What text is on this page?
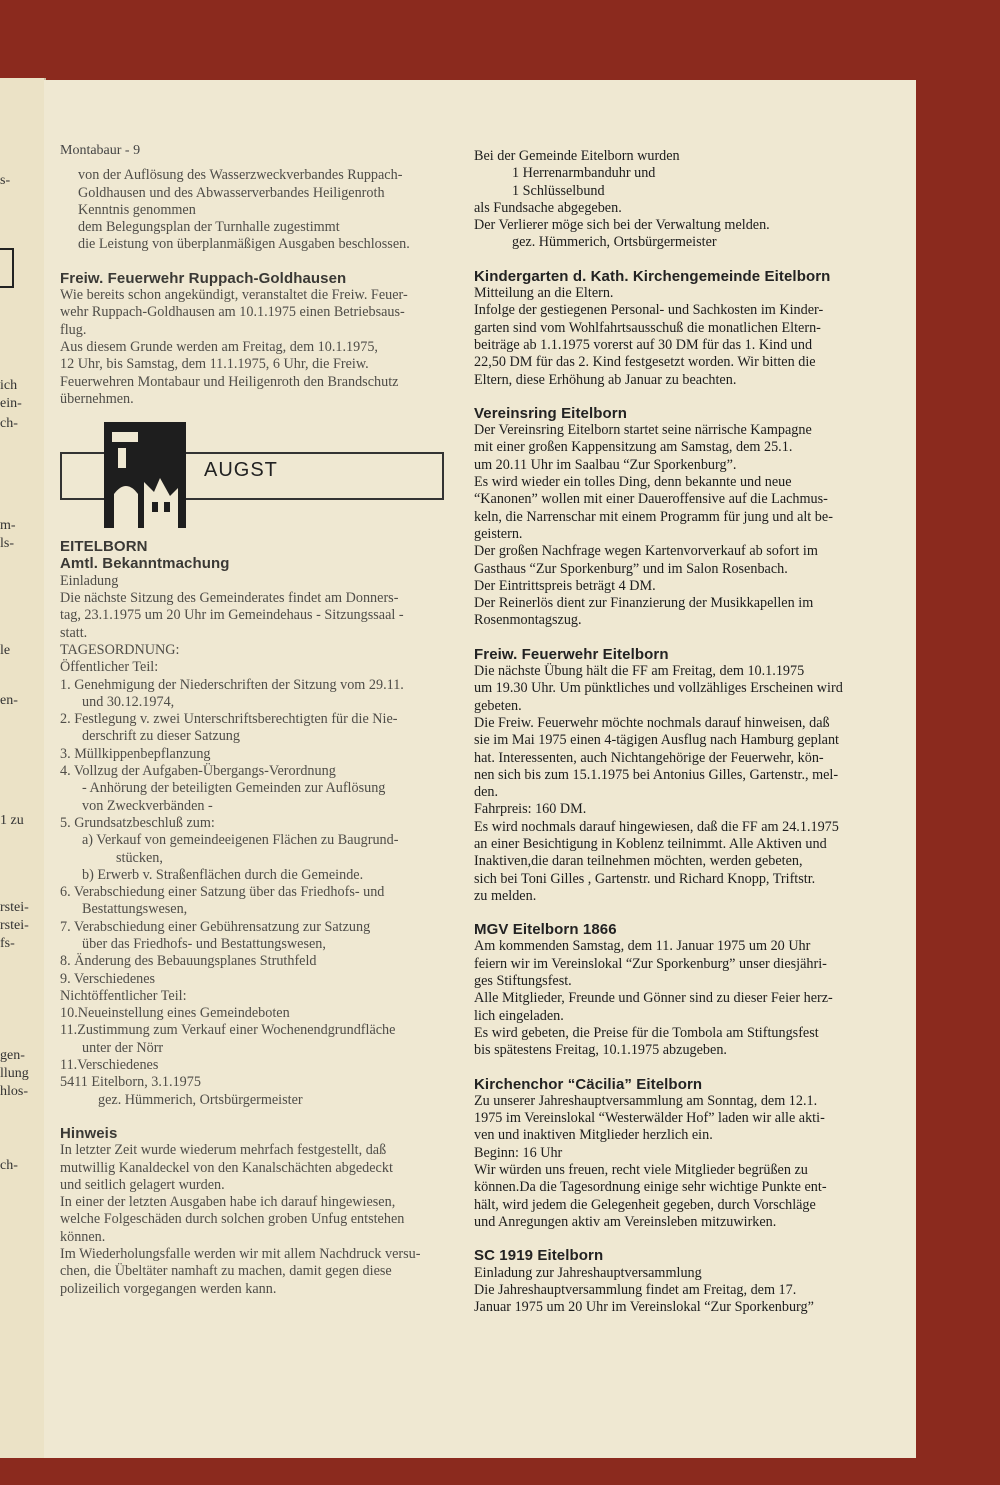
s-
ich
ein-
ch-
m-
ls-
le
en-
1 zu
rstei-
rstei-
fs-
gen-
llung
hlos-
ch-
Montabaur - 9
von der Auflösung des Wasserzweckverbandes Ruppach-
Goldhausen und des Abwasserverbandes Heiligenroth
Kenntnis genommen
dem Belegungsplan der Turnhalle zugestimmt
die Leistung von überplanmäßigen Ausgaben beschlossen.
Freiw. Feuerwehr Ruppach-Goldhausen
Wie bereits schon angekündigt, veranstaltet die Freiw. Feuer-
wehr Ruppach-Goldhausen am 10.1.1975 einen Betriebsaus-
flug.
Aus diesem Grunde werden am Freitag, dem 10.1.1975,
12 Uhr, bis Samstag, dem 11.1.1975, 6 Uhr, die Freiw.
Feuerwehren Montabaur und Heiligenroth den Brandschutz
übernehmen.
AUGST
EITELBORN
Amtl. Bekanntmachung
Einladung
Die nächste Sitzung des Gemeinderates findet am Donners-
tag, 23.1.1975 um 20 Uhr im Gemeindehaus - Sitzungssaal -
statt.
TAGESORDNUNG:
Öffentlicher Teil:
1. Genehmigung der Niederschriften der Sitzung vom 29.11.
und 30.12.1974,
2. Festlegung v. zwei Unterschriftsberechtigten für die Nie-
derschrift zu dieser Satzung
3. Müllkippenbepflanzung
4. Vollzug der Aufgaben-Übergangs-Verordnung
- Anhörung der beteiligten Gemeinden zur Auflösung
von Zweckverbänden -
5. Grundsatzbeschluß zum:
a) Verkauf von gemeindeeigenen Flächen zu Baugrund-
stücken,
b) Erwerb v. Straßenflächen durch die Gemeinde.
6. Verabschiedung einer Satzung über das Friedhofs- und
Bestattungswesen,
7. Verabschiedung einer Gebührensatzung zur Satzung
über das Friedhofs- und Bestattungswesen,
8. Änderung des Bebauungsplanes Struthfeld
9. Verschiedenes
Nichtöffentlicher Teil:
10.Neueinstellung eines Gemeindeboten
11.Zustimmung zum Verkauf einer Wochenendgrundfläche
unter der Nörr
11.Verschiedenes
5411 Eitelborn, 3.1.1975
gez. Hümmerich, Ortsbürgermeister
Hinweis
In letzter Zeit wurde wiederum mehrfach festgestellt, daß
mutwillig Kanaldeckel von den Kanalschächten abgedeckt
und seitlich gelagert wurden.
In einer der letzten Ausgaben habe ich darauf hingewiesen,
welche Folgeschäden durch solchen groben Unfug entstehen
können.
Im Wiederholungsfalle werden wir mit allem Nachdruck versu-
chen, die Übeltäter namhaft zu machen, damit gegen diese
polizeilich vorgegangen werden kann.
Bei der Gemeinde Eitelborn wurden
1 Herrenarmbanduhr und
1 Schlüsselbund
als Fundsache abgegeben.
Der Verlierer möge sich bei der Verwaltung melden.
gez. Hümmerich, Ortsbürgermeister
Kindergarten d. Kath. Kirchengemeinde Eitelborn
Mitteilung an die Eltern.
Infolge der gestiegenen Personal- und Sachkosten im Kinder-
garten sind vom Wohlfahrtsausschuß die monatlichen Eltern-
beiträge ab 1.1.1975 vorerst auf 30 DM für das 1. Kind und
22,50 DM für das 2. Kind festgesetzt worden. Wir bitten die
Eltern, diese Erhöhung ab Januar zu beachten.
Vereinsring Eitelborn
Der Vereinsring Eitelborn startet seine närrische Kampagne
mit einer großen Kappensitzung am Samstag, dem 25.1.
um 20.11 Uhr im Saalbau “Zur Sporkenburg”.
Es wird wieder ein tolles Ding, denn bekannte und neue
“Kanonen” wollen mit einer Daueroffensive auf die Lachmus-
keln, die Narrenschar mit einem Programm für jung und alt be-
geistern.
Der großen Nachfrage wegen Kartenvorverkauf ab sofort im
Gasthaus “Zur Sporkenburg” und im Salon Rosenbach.
Der Eintrittspreis beträgt 4 DM.
Der Reinerlös dient zur Finanzierung der Musikkapellen im
Rosenmontagszug.
Freiw. Feuerwehr Eitelborn
Die nächste Übung hält die FF am Freitag, dem 10.1.1975
um 19.30 Uhr. Um pünktliches und vollzähliges Erscheinen wird
gebeten.
Die Freiw. Feuerwehr möchte nochmals darauf hinweisen, daß
sie im Mai 1975 einen 4-tägigen Ausflug nach Hamburg geplant
hat. Interessenten, auch Nichtangehörige der Feuerwehr, kön-
nen sich bis zum 15.1.1975 bei Antonius Gilles, Gartenstr., mel-
den.
Fahrpreis: 160 DM.
Es wird nochmals darauf hingewiesen, daß die FF am 24.1.1975
an einer Besichtigung in Koblenz teilnimmt. Alle Aktiven und
Inaktiven,die daran teilnehmen möchten, werden gebeten,
sich bei Toni Gilles , Gartenstr. und Richard Knopp, Triftstr.
zu melden.
MGV Eitelborn 1866
Am kommenden Samstag, dem 11. Januar 1975 um 20 Uhr
feiern wir im Vereinslokal “Zur Sporkenburg” unser diesjähri-
ges Stiftungsfest.
Alle Mitglieder, Freunde und Gönner sind zu dieser Feier herz-
lich eingeladen.
Es wird gebeten, die Preise für die Tombola am Stiftungsfest
bis spätestens Freitag, 10.1.1975 abzugeben.
Kirchenchor “Cäcilia” Eitelborn
Zu unserer Jahreshauptversammlung am Sonntag, dem 12.1.
1975 im Vereinslokal “Westerwälder Hof” laden wir alle akti-
ven und inaktiven Mitglieder herzlich ein.
Beginn: 16 Uhr
Wir würden uns freuen, recht viele Mitglieder begrüßen zu
können.Da die Tagesordnung einige sehr wichtige Punkte ent-
hält, wird jedem die Gelegenheit gegeben, durch Vorschläge
und Anregungen aktiv am Vereinsleben mitzuwirken.
SC 1919 Eitelborn
Einladung zur Jahreshauptversammlung
Die Jahreshauptversammlung findet am Freitag, dem 17.
Januar 1975 um 20 Uhr im Vereinslokal “Zur Sporkenburg”
